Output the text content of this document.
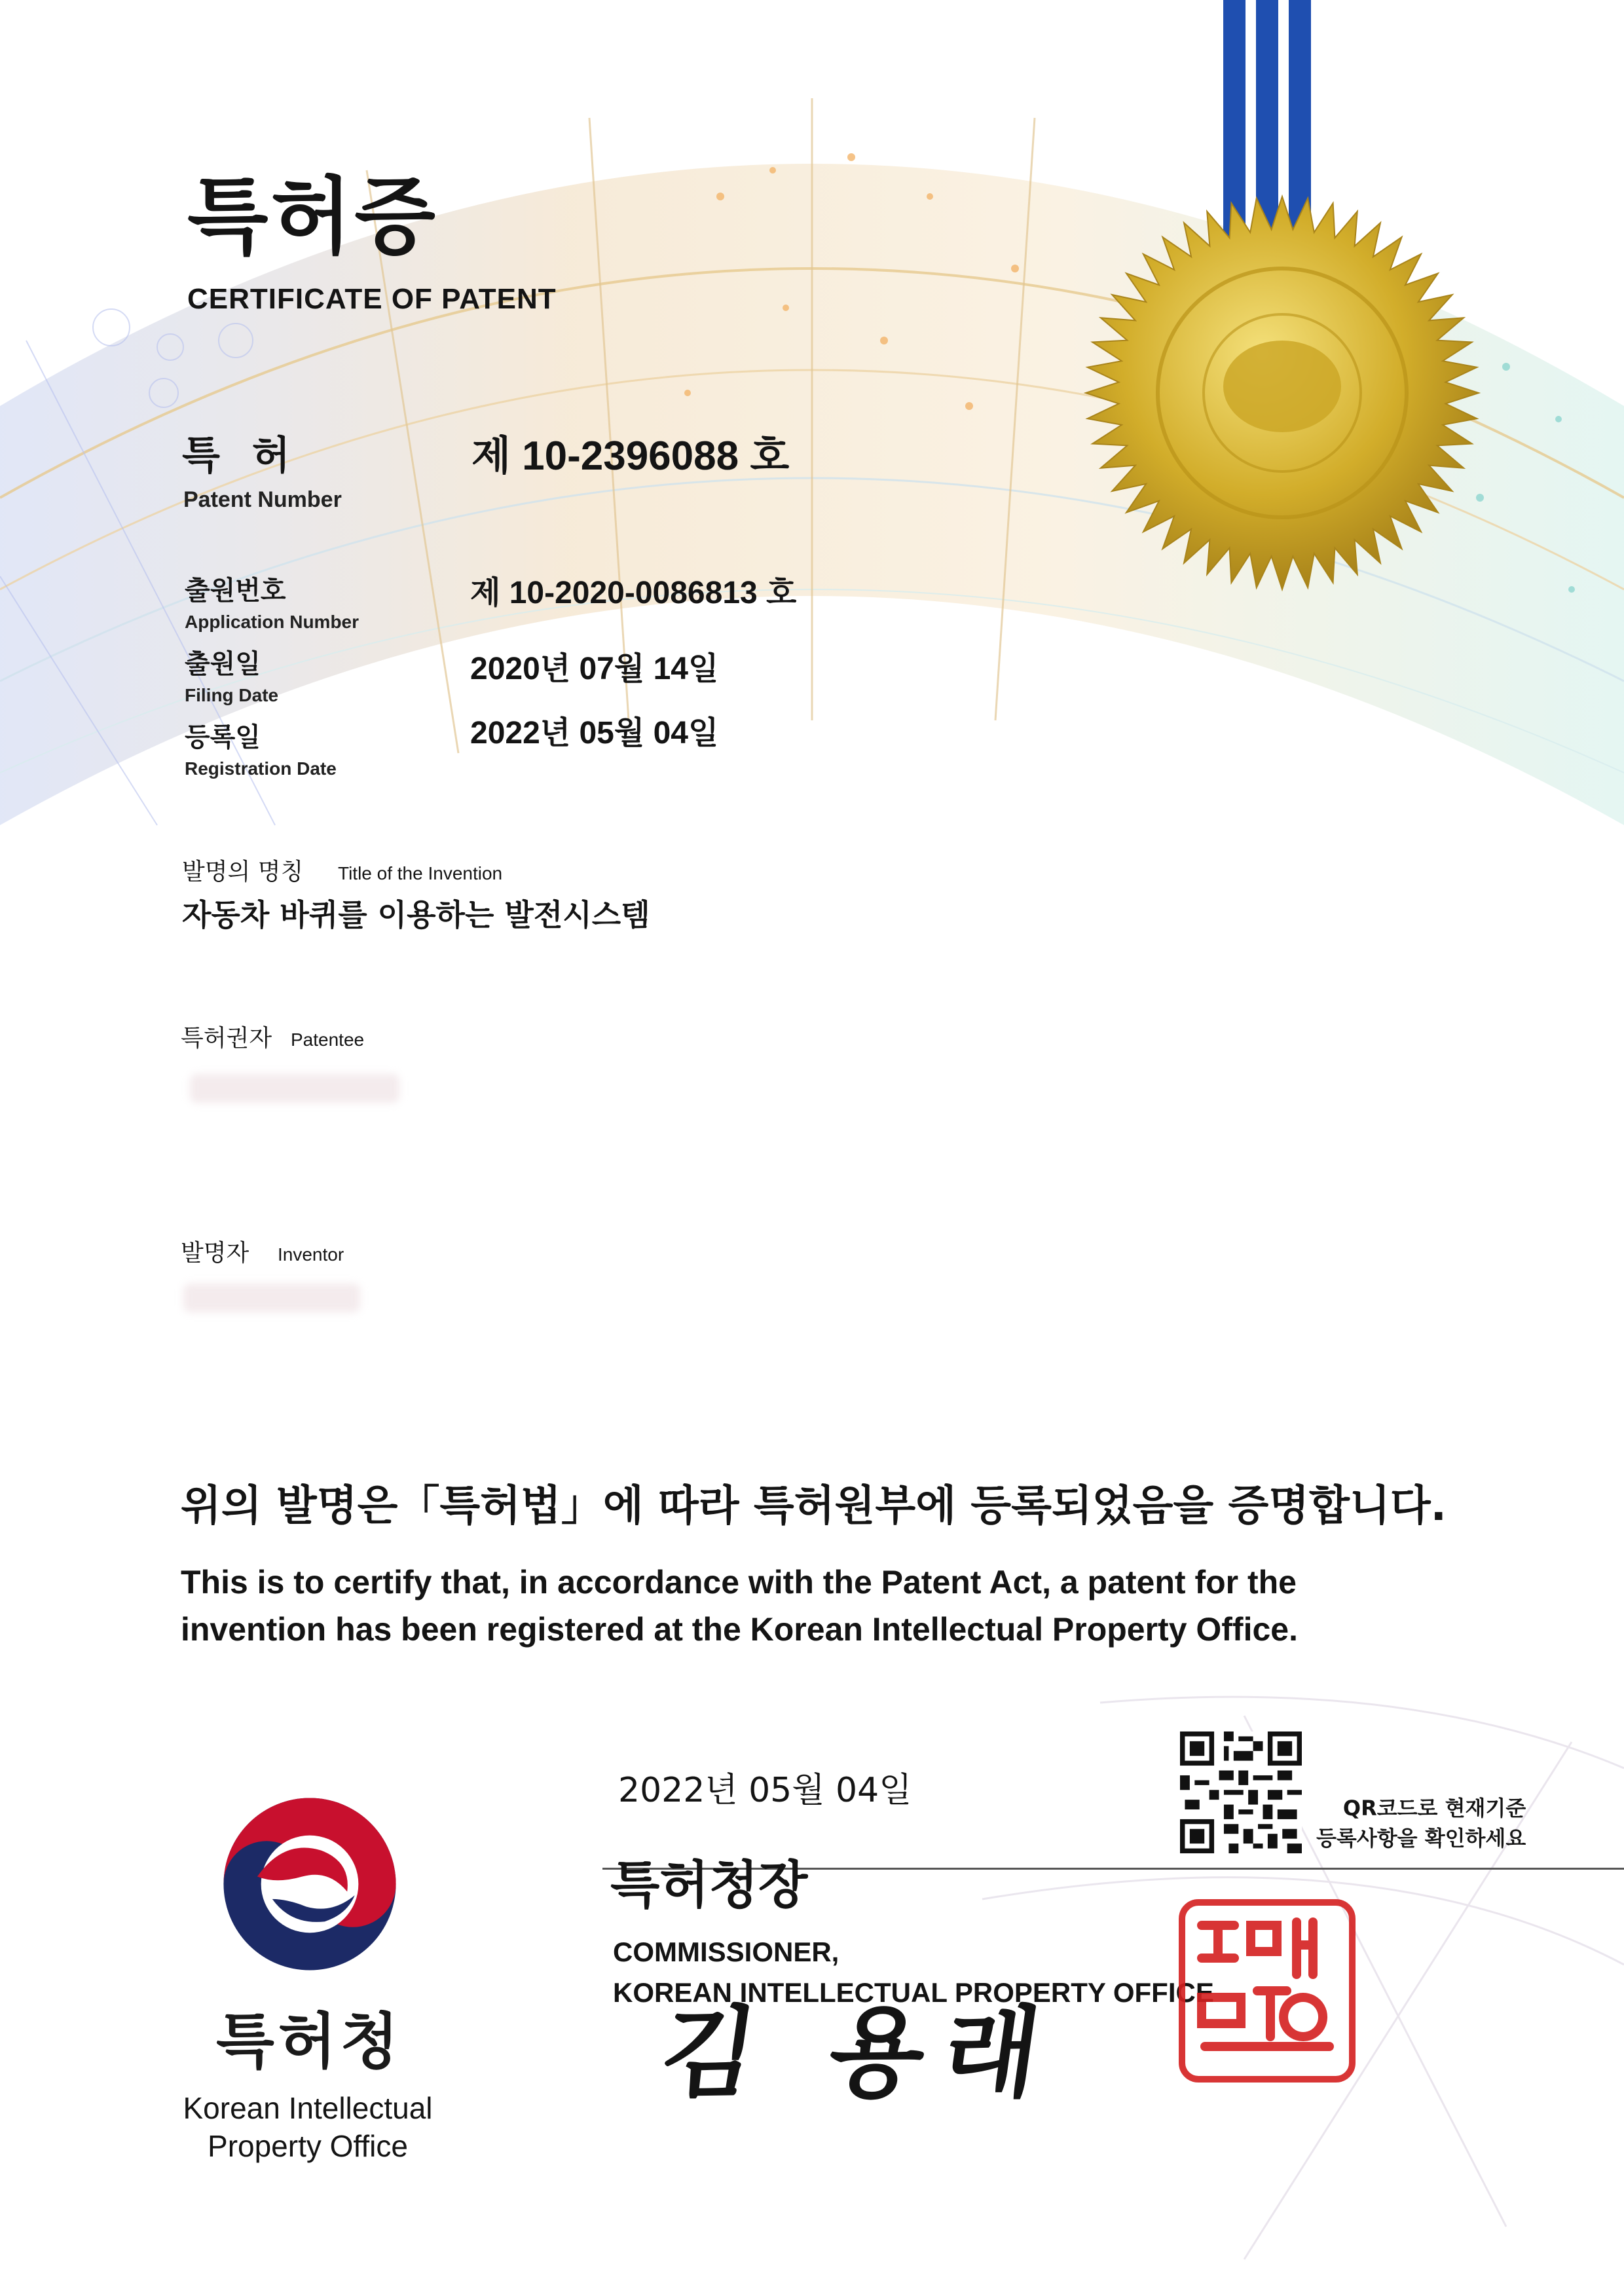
특허증
CERTIFICATE OF PATENT
특 허
Patent Number
제 10-2396088 호
출원번호
Application Number
제 10-2020-0086813 호
출원일
Filing Date
2020년 07월 14일
등록일
Registration Date
2022년 05월 04일
발명의 명칭 Title of the Invention
자동차 바퀴를 이용하는 발전시스템
특허권자 Patentee
발명자 Inventor
위의 발명은「특허법」에 따라 특허원부에 등록되었음을 증명합니다.
This is to certify that, in accordance with the Patent Act, a patent for the invention has been registered at the Korean Intellectual Property Office.
2022년 05월 04일
특허청장
COMMISSIONER,
KOREAN INTELLECTUAL PROPERTY OFFICE
김 용래
QR코드로 현재기준
등록사항을 확인하세요
특허청
Korean Intellectual
Property Office
